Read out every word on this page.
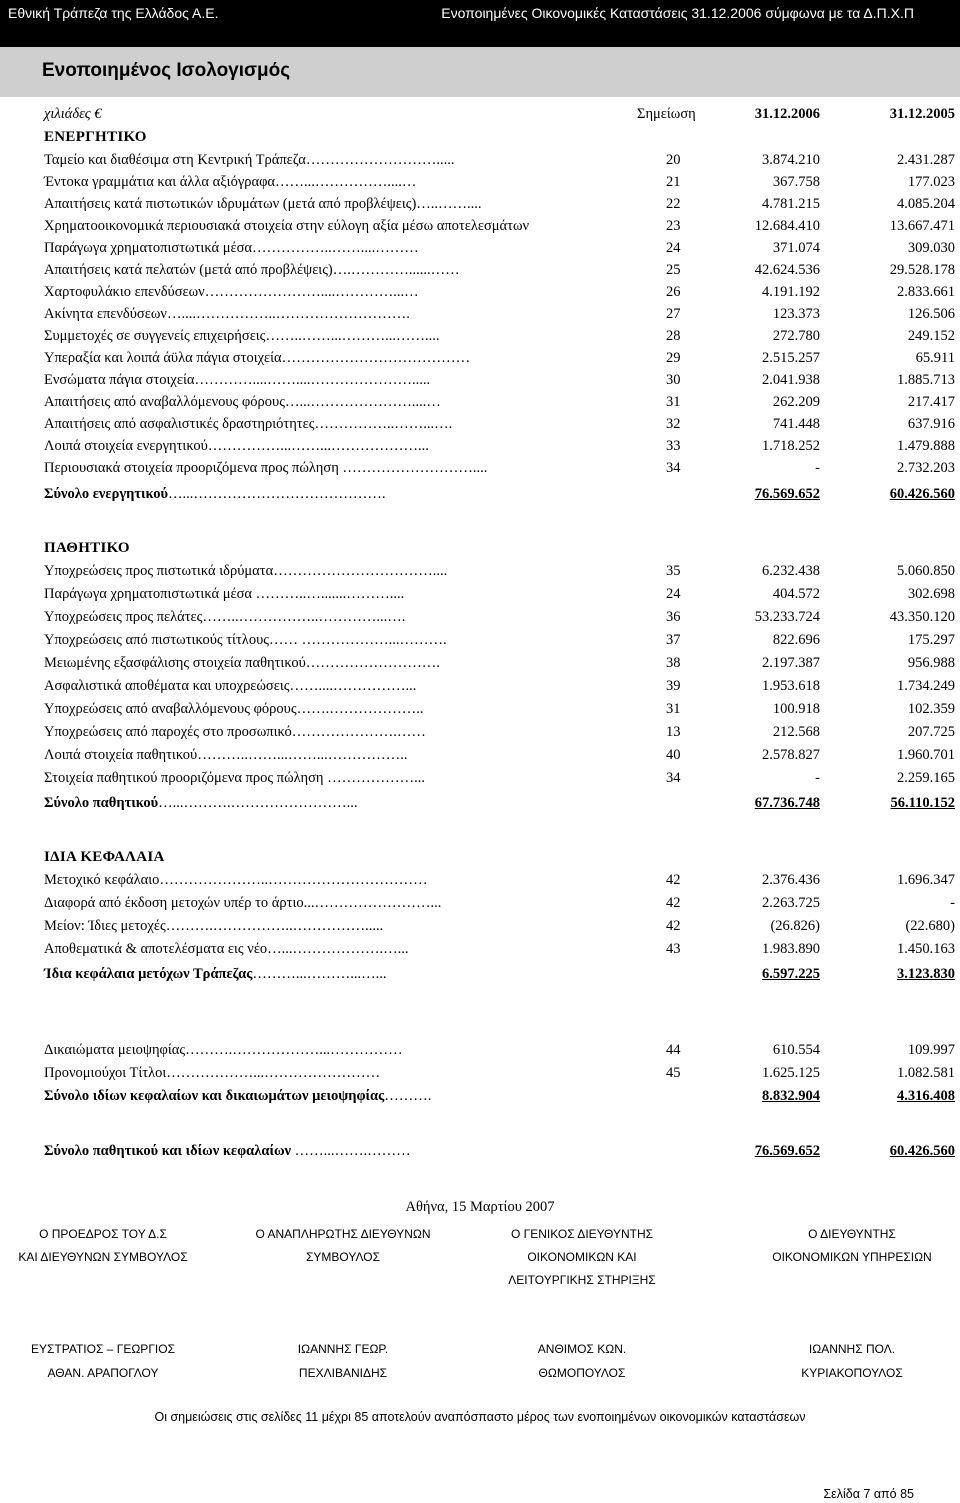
Εθνική Τράπεζα της Ελλάδος Α.Ε.	Ενοποιημένες Οικονομικές Καταστάσεις 31.12.2006 σύμφωνα με τα Δ.Π.Χ.Π
Ενοποιημένος Ισολογισμός
χιλιάδες €	Σημείωση	31.12.2006	31.12.2005
ΕΝΕΡΓΗΤΙΚΟ
Ταμείο και διαθέσιμα στη Κεντρική Τράπεζα……………………….....	20	3.874.210	2.431.287
Έντοκα γραμμάτια και άλλα αξιόγραφα……...……………....…	21	367.758	177.023
Απαιτήσεις κατά πιστωτικών ιδρυμάτων (μετά από προβλέψεις)…..……....	22	4.781.215	4.085.204
Χρηματοοικονομικά περιουσιακά στοιχεία στην εύλογη αξία μέσω αποτελεσμάτων	23	12.684.410	13.667.471
Παράγωγα χρηματοπιστωτικά μέσα……………..……....………	24	371.074	309.030
Απαιτήσεις κατά πελατών (μετά από προβλέψεις)….…………......……	25	42.624.536	29.528.178
Χαρτοφυλάκιο επενδύσεων……………………....…………...…	26	4.191.192	2.833.661
Ακίνητα επενδύσεων…....……………..……………………….	27	123.373	126.506
Συμμετοχές σε συγγενείς επιχειρήσεις……..……...………...……....	28	272.780	249.152
Υπεραξία και λοιπά άϋλα πάγια στοιχεία…………………………………	29	2.515.257	65.911
Ενσώματα πάγια στοιχεία…………....……....………………….....	30	2.041.938	1.885.713
Απαιτήσεις από αναβαλλόμενους φόρους…...…………………....…	31	262.209	217.417
Απαιτήσεις από ασφαλιστικές δραστηριότητες……………..……...….	32	741.448	637.916
Λοιπά στοιχεία ενεργητικού……………...……...………………...	33	1.718.252	1.479.888
Περιουσιακά στοιχεία προοριζόμενα προς πώληση ………………………....	34	-	2.732.203
Σύνολο ενεργητικού…...………………………………….	76.569.652	60.426.560
ΠΑΘΗΤΙΚΟ
Υποχρεώσεις προς πιστωτικά ιδρύματα……………………………....	35	6.232.438	5.060.850
Παράγωγα χρηματοπιστωτικά μέσα ………..….......………....	24	404.572	302.698
Υποχρεώσεις προς πελάτες……..……………..…………...….	36	53.233.724	43.350.120
Υποχρεώσεις από πιστωτικούς τίτλους…… ………………...……….	37	822.696	175.297
Μειωμένης εξασφάλισης στοιχεία παθητικού……………………….	38	2.197.387	956.988
Ασφαλιστικά αποθέματα και υποχρεώσεις……....……………...	39	1.953.618	1.734.249
Υποχρεώσεις από αναβαλλόμενους φόρους…….………………..	31	100.918	102.359
Υποχρεώσεις από παροχές στο προσωπικό………………….……	13	212.568	207.725
Λοιπά στοιχεία παθητικού………..……...……...……………..	40	2.578.827	1.960.701
Στοιχεία παθητικού προοριζόμενα προς πώληση ………………...	34	-	2.259.165
Σύνολο παθητικού…...……….……………………...	67.736.748	56.110.152
ΙΔΙΑ ΚΕΦΑΛΑΙΑ
Μετοχικό κεφάλαιο…………………..……………………………	42	2.376.436	1.696.347
Διαφορά από έκδοση μετοχών υπέρ το άρτιο...……………………...	42	2.263.725	-
Μείον: Ίδιες μετοχές……….……………..…………….....	42	(26.826)	(22.680)
Αποθεματικά & αποτελέσματα εις νέο…...……………….…...	43	1.983.890	1.450.163
Ίδια κεφάλαια μετόχων Τράπεζας………...………...…...	6.597.225	3.123.830
Δικαιώματα μειοψηφίας……….………………...……………	44	610.554	109.997
Προνομιούχοι Τίτλοι………………...……………………	45	1.625.125	1.082.581
Σύνολο ιδίων κεφαλαίων και δικαιωμάτων μειοψηφίας……….	8.832.904	4.316.408
Σύνολο παθητικού και ιδίων κεφαλαίων ……...…….………	76.569.652	60.426.560
Αθήνα, 15 Μαρτίου 2007
Ο ΠΡΟΕΔΡΟΣ ΤΟΥ Δ.Σ
ΚΑΙ ΔΙΕΥΘΥΝΩΝ ΣΥΜΒΟΥΛΟΣ
Ο ΑΝΑΠΛΗΡΩΤΗΣ ΔΙΕΥΘΥΝΩΝ
ΣΥΜΒΟΥΛΟΣ
Ο ΓΕΝΙΚΟΣ ΔΙΕΥΘΥΝΤΗΣ
ΟΙΚΟΝΟΜΙΚΩΝ ΚΑΙ
ΛΕΙΤΟΥΡΓΙΚΗΣ ΣΤΗΡΙΞΗΣ
Ο ΔΙΕΥΘΥΝΤΗΣ
ΟΙΚΟΝΟΜΙΚΩΝ ΥΠΗΡΕΣΙΩΝ
ΕΥΣΤΡΑΤΙΟΣ – ΓΕΩΡΓΙΟΣ
ΑΘΑΝ. ΑΡΑΠΟΓΛΟΥ
ΙΩΑΝΝΗΣ ΓΕΩΡ.
ΠΕΧΛΙΒΑΝΙΔΗΣ
ΑΝΘΙΜΟΣ ΚΩΝ.
ΘΩΜΟΠΟΥΛΟΣ
ΙΩΑΝΝΗΣ ΠΟΛ.
ΚΥΡΙΑΚΟΠΟΥΛΟΣ
Οι σημειώσεις στις σελίδες 11 μέχρι 85 αποτελούν αναπόσπαστο μέρος των ενοποιημένων οικονομικών καταστάσεων
Σελίδα 7 από 85
